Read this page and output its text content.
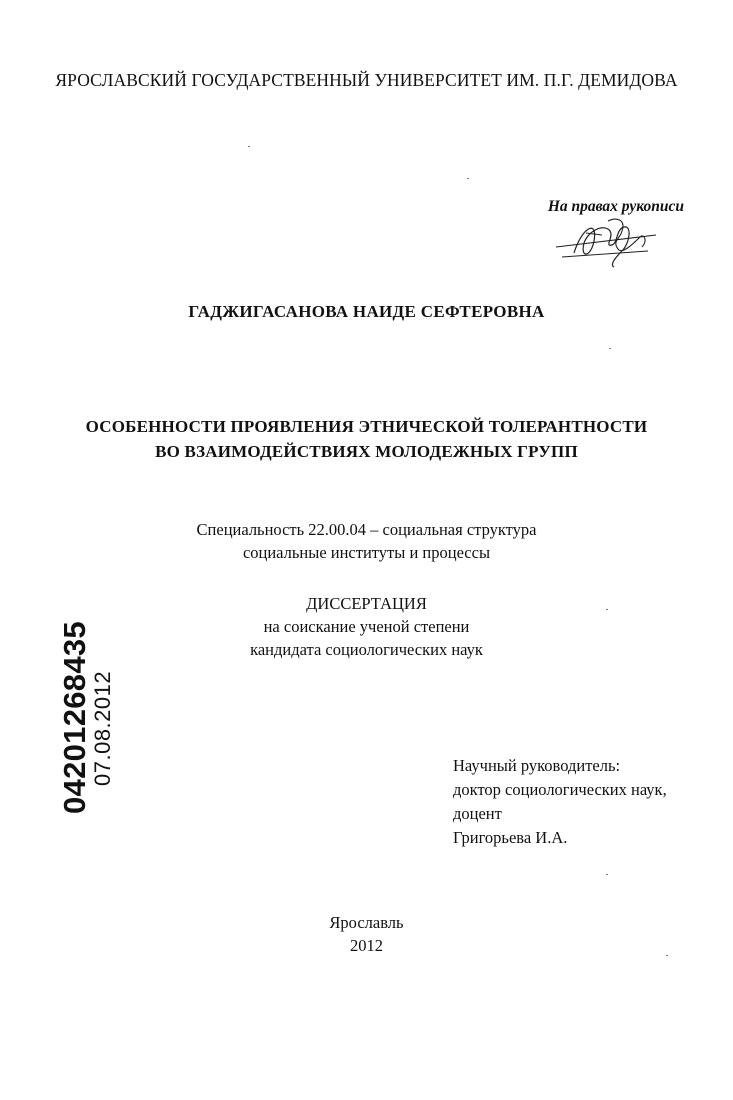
ЯРОСЛАВСКИЙ ГОСУДАРСТВЕННЫЙ УНИВЕРСИТЕТ ИМ. П.Г. ДЕМИДОВА
На правах рукописи
ГАДЖИГАСАНОВА НАИДЕ СЕФТЕРОВНА
ОСОБЕННОСТИ ПРОЯВЛЕНИЯ ЭТНИЧЕСКОЙ ТОЛЕРАНТНОСТИ
ВО ВЗАИМОДЕЙСТВИЯХ МОЛОДЕЖНЫХ ГРУПП
Специальность 22.00.04 – социальная структура
социальные институты и процессы
ДИССЕРТАЦИЯ
на соискание ученой степени
кандидата социологических наук
Научный руководитель:
доктор социологических наук,
доцент
Григорьева И.А.
Ярославль
2012
04201268435
07.08.2012
